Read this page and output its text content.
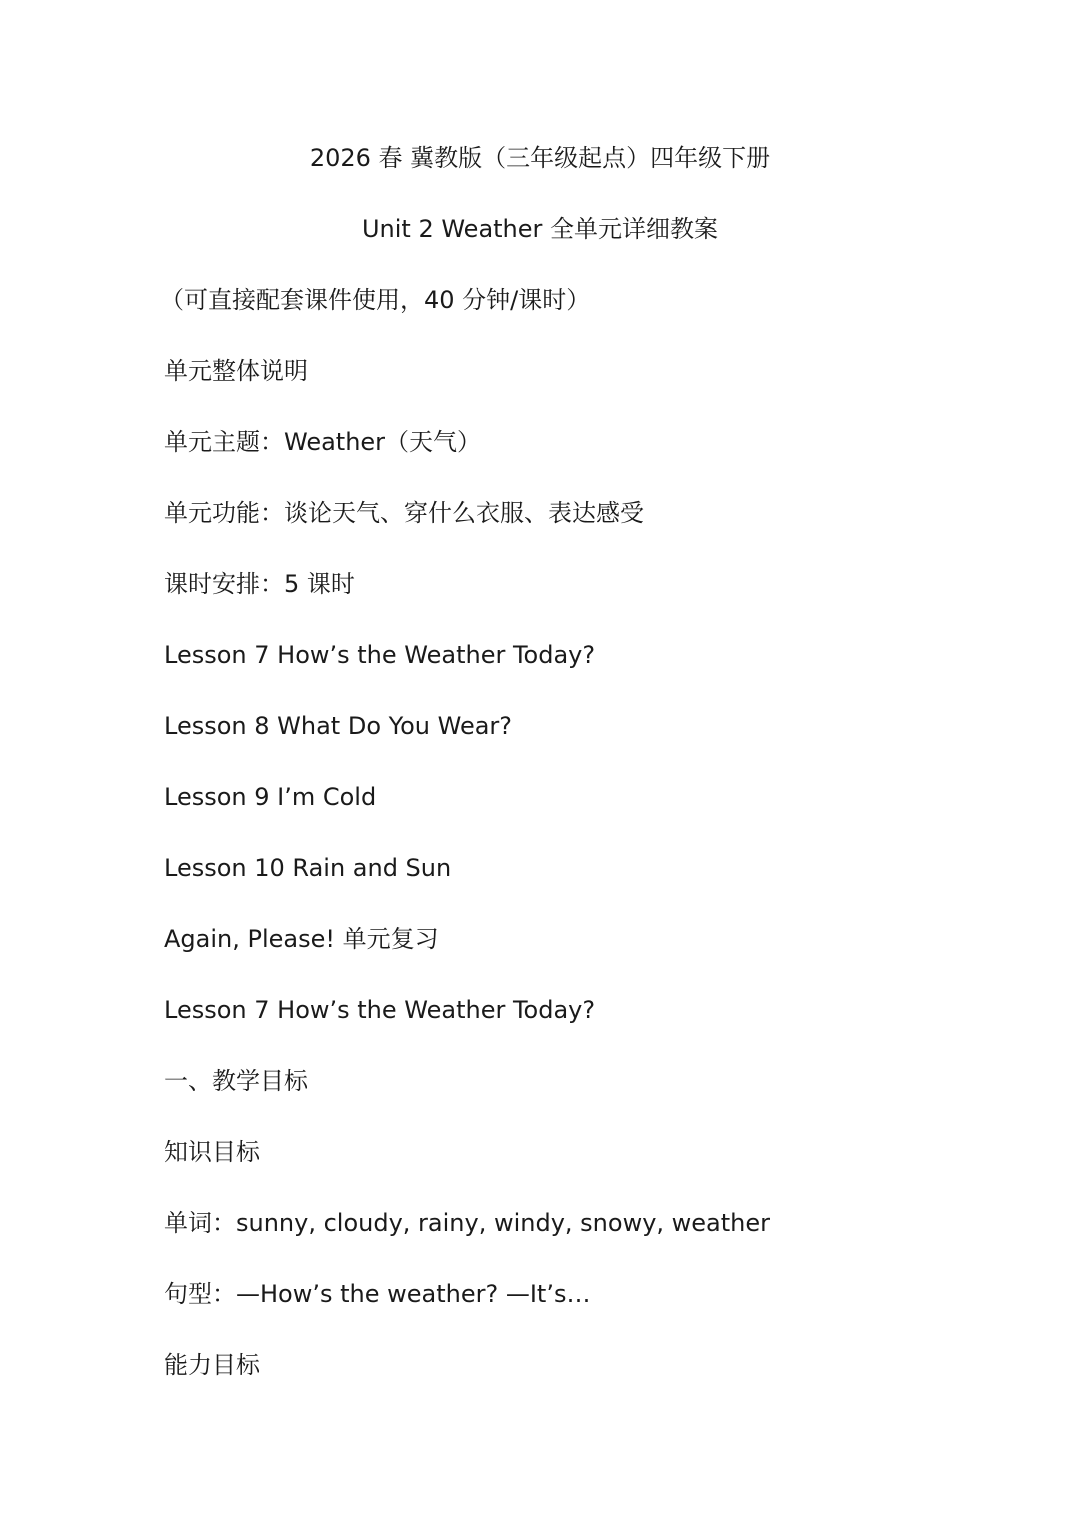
2026 春 冀教版（三年级起点）四年级下册
Unit 2 Weather 全单元详细教案
（可直接配套课件使用，40 分钟/课时）
单元整体说明
单元主题：Weather（天气）
单元功能：谈论天气、穿什么衣服、表达感受
课时安排：5 课时
Lesson 7 How’s the Weather Today?
Lesson 8 What Do You Wear?
Lesson 9 I’m Cold
Lesson 10 Rain and Sun
Again, Please! 单元复习
Lesson 7 How’s the Weather Today?
一、教学目标
知识目标
单词：sunny, cloudy, rainy, windy, snowy, weather
句型：—How’s the weather? —It’s…
能力目标
